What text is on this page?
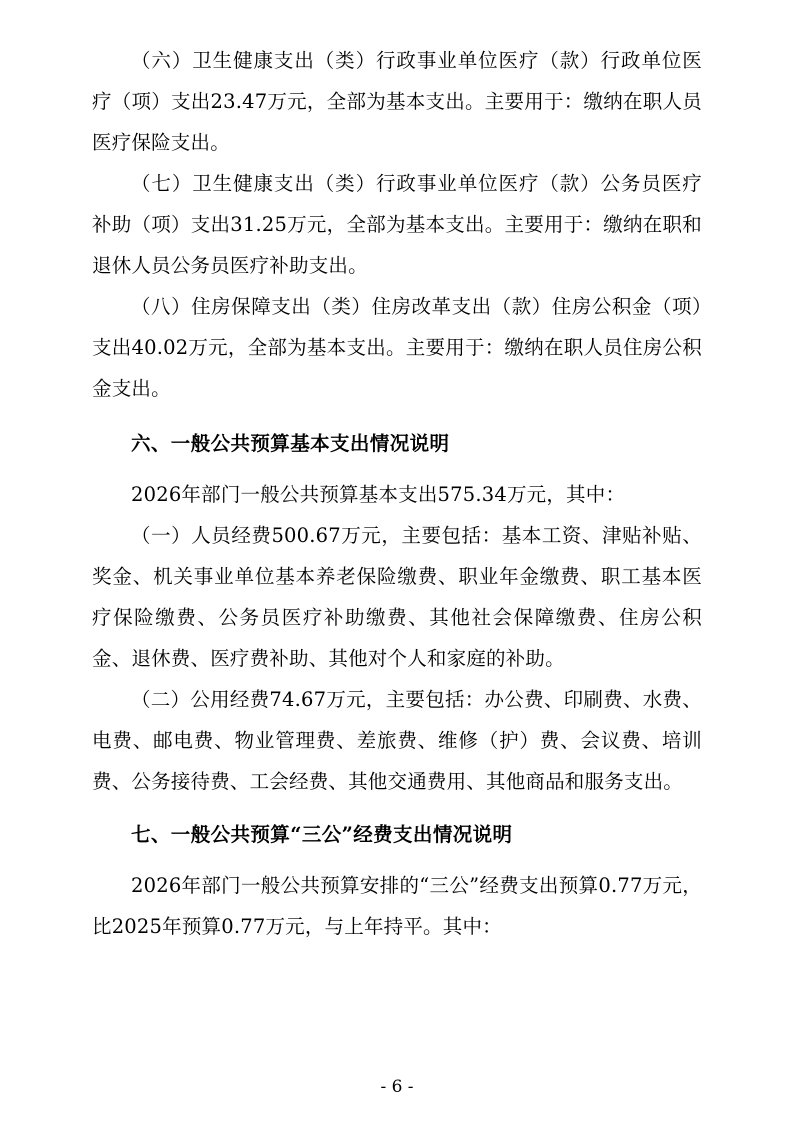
（六）卫生健康支出（类）行政事业单位医疗（款）行政单位医疗（项）支出23.47万元，全部为基本支出。主要用于：缴纳在职人员医疗保险支出。

（七）卫生健康支出（类）行政事业单位医疗（款）公务员医疗补助（项）支出31.25万元，全部为基本支出。主要用于：缴纳在职和退休人员公务员医疗补助支出。

（八）住房保障支出（类）住房改革支出（款）住房公积金（项）支出40.02万元，全部为基本支出。主要用于：缴纳在职人员住房公积金支出。

六、一般公共预算基本支出情况说明

2026年部门一般公共预算基本支出575.34万元，其中：

（一）人员经费500.67万元，主要包括：基本工资、津贴补贴、奖金、机关事业单位基本养老保险缴费、职业年金缴费、职工基本医疗保险缴费、公务员医疗补助缴费、其他社会保障缴费、住房公积金、退休费、医疗费补助、其他对个人和家庭的补助。

（二）公用经费74.67万元，主要包括：办公费、印刷费、水费、电费、邮电费、物业管理费、差旅费、维修（护）费、会议费、培训费、公务接待费、工会经费、其他交通费用、其他商品和服务支出。

七、一般公共预算“三公”经费支出情况说明

2026年部门一般公共预算安排的“三公”经费支出预算0.77万元，比2025年预算0.77万元，与上年持平。其中：

- 6 -
